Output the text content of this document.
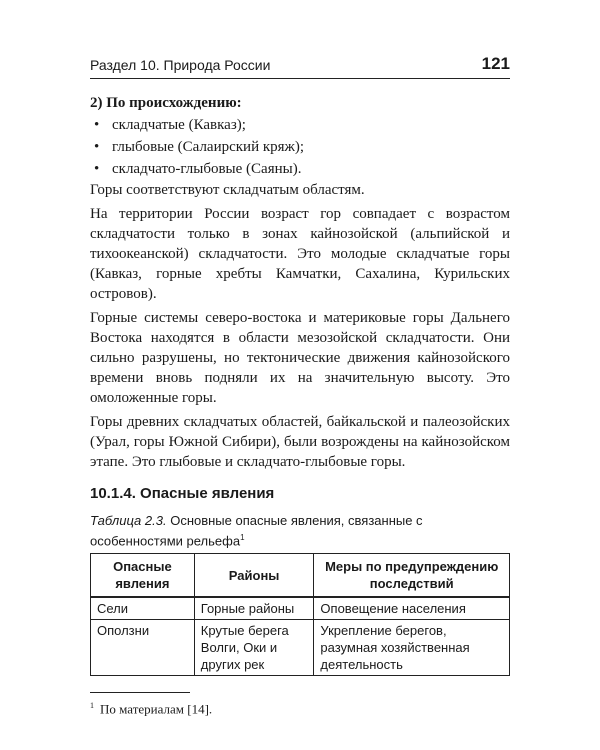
Раздел 10. Природа России	121

2) По происхождению:

• складчатые (Кавказ);
• глыбовые (Салаирский кряж);
• складчато-глыбовые (Саяны).

Горы соответствуют складчатым областям.

На территории России возраст гор совпадает с возрастом складчатости только в зонах кайнозойской (альпийской и тихоокеанской) складчатости. Это молодые складчатые горы (Кавказ, горные хребты Камчатки, Сахалина, Курильских островов).

Горные системы северо-востока и материковые горы Дальнего Востока находятся в области мезозойской складчатости. Они сильно разрушены, но тектонические движения кайнозойского времени вновь подняли их на значительную высоту. Это омоложенные горы.

Горы древних складчатых областей, байкальской и палеозойских (Урал, горы Южной Сибири), были возрождены на кайнозойском этапе. Это глыбовые и складчато-глыбовые горы.

10.1.4. Опасные явления

Таблица 2.3. Основные опасные явления, связанные с особенностями рельефа$^1$

Опасные явления	Районы	Меры по предупреждению последствий
Сели	Горные районы	Оповещение населения
Оползни	Крутые берега Волги, Оки и других рек	Укрепление берегов, разумная хозяйственная деятельность

$^1$ По материалам [14].
